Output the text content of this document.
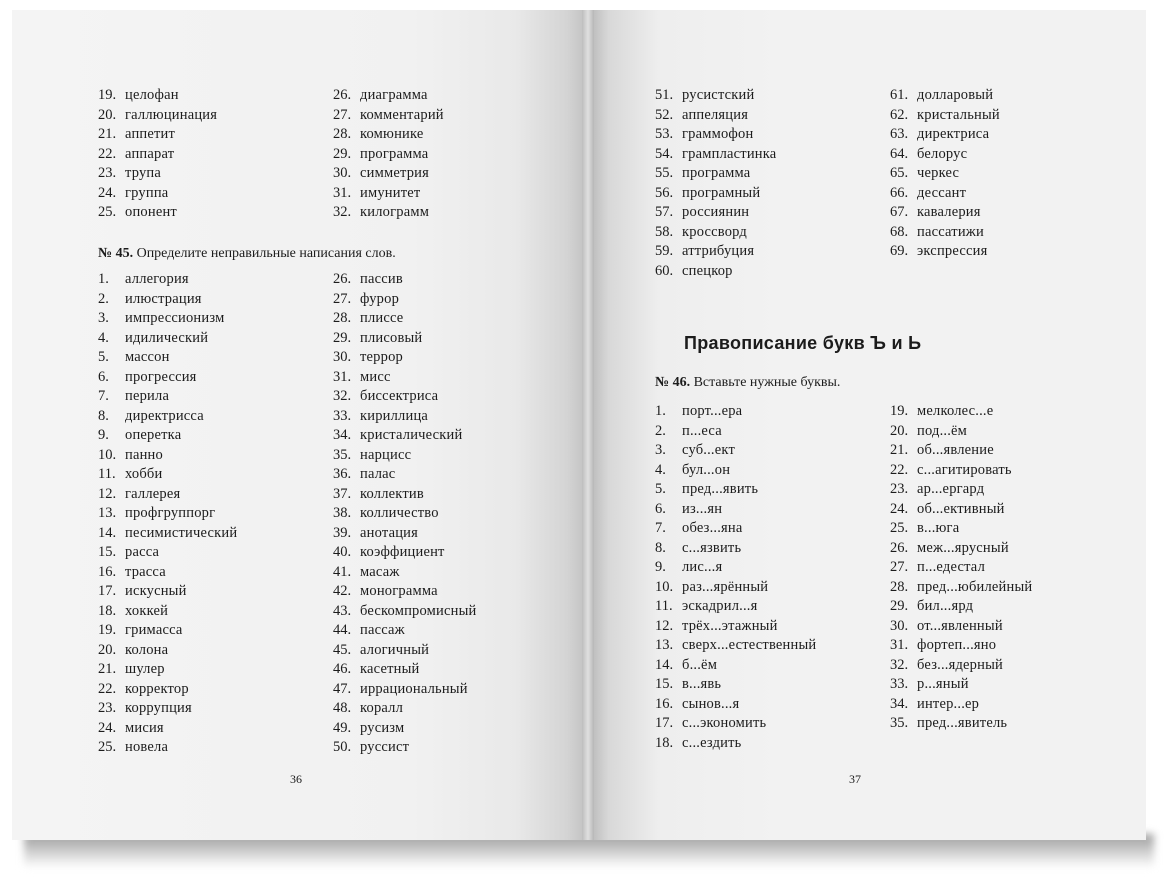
19. целофан
20. галлюцинация
21. аппетит
22. аппарат
23. трупа
24. группа
25. опонент
26. диаграмма
27. комментарий
28. комюнике
29. программа
30. симметрия
31. имунитет
32. килограмм
№ 45. Определите неправильные написания слов.
1.	аллегория
2.	илюстрация
3.	импрессионизм
4.	идилический
5.	массон
6.	прогрессия
7.	перила
8.	директрисса
9.	оперетка
10. панно
11. хобби
12. галлерея
13. профгруппорг
14. песимистический
15. расса
16. трасса
17. искусный
18. хоккей
19. гримасса
20. колона
21. шулер
22. корректор
23. коррупция
24. мисия
25. новела
26. пассив
27. фурор
28. плиссе
29. плисовый
30. террор
31. мисс
32. биссектриса
33. кириллица
34. кристалический
35. нарцисс
36. палас
37. коллектив
38. колличество
39. анотация
40. коэффициент
41. масаж
42. монограмма
43. бескомпромисный
44. пассаж
45. алогичный
46. касетный
47. иррациональный
48. коралл
49. русизм
50. руссист
36
51. русистский
52. аппеляция
53. граммофон
54. грампластинка
55. программа
56. програмный
57. россиянин
58. кроссворд
59. аттрибуция
60. спецкор
61. долларовый
62. кристальный
63. директриса
64. белорус
65. черкес
66. дессант
67. кавалерия
68. пассатижи
69. экспрессия
Правописание букв Ъ и Ь
№ 46. Вставьте нужные буквы.
1.	порт...ера
2.	п...еса
3.	суб...ект
4.	бул...он
5.	пред...явить
6.	из...ян
7.	обез...яна
8.	с...язвить
9.	лис...я
10. раз...ярённый
11. эскадрил...я
12. трёх...этажный
13. сверх...естественный
14. б...ём
15. в...явь
16. сынов...я
17. с...экономить
18. с...ездить
19. мелколес...е
20. под...ём
21. об...явление
22. с...агитировать
23. ар...ергард
24. об...ективный
25. в...юга
26. меж...ярусный
27. п...едестал
28. пред...юбилейный
29. бил...ярд
30. от...явленный
31. фортеп...яно
32. без...ядерный
33. р...яный
34. интер...ер
35. пред...явитель
37
